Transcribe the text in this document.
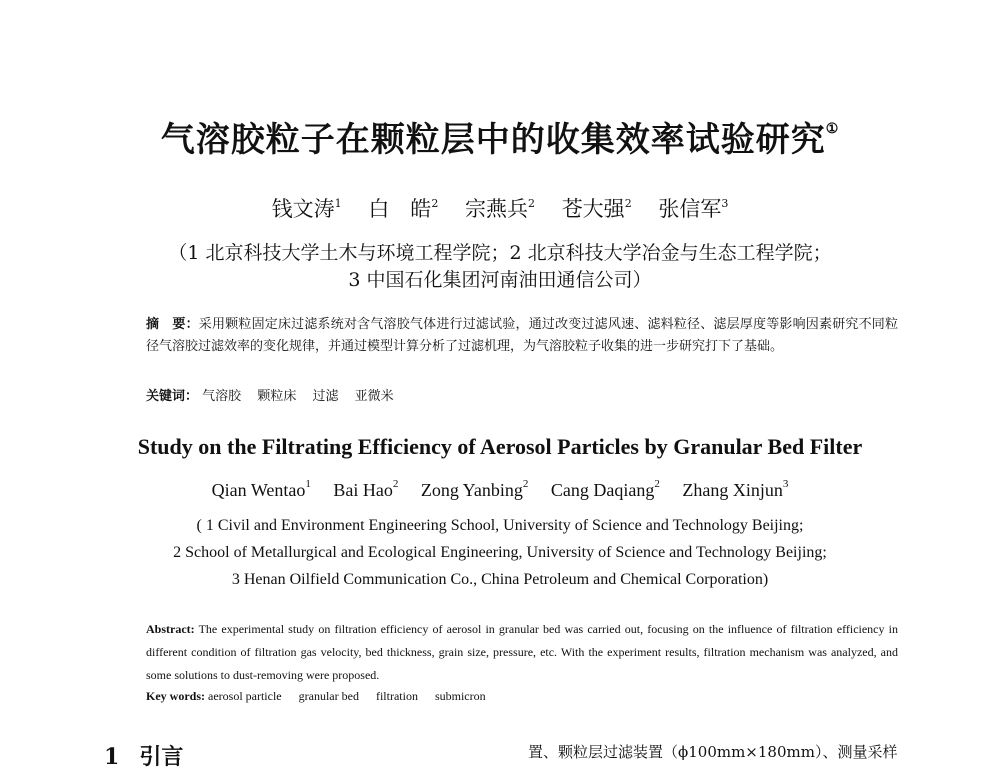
气溶胶粒子在颗粒层中的收集效率试验研究①
钱文涛$^1$ 白　皓$^2$ 宗燕兵$^2$ 苍大强$^2$ 张信军$^3$
（1 北京科技大学土木与环境工程学院；2 北京科技大学冶金与生态工程学院；
3 中国石化集团河南油田通信公司）
摘　要：采用颗粒固定床过滤系统对含气溶胶气体进行过滤试验，通过改变过滤风速、滤料粒径、滤层厚度等影响因素研究不同粒径气溶胶过滤效率的变化规律，并通过模型计算分析了过滤机理，为气溶胶粒子收集的进一步研究打下了基础。
关键词： 气溶胶 颗粒床 过滤 亚微米
Study on the Filtrating Efficiency of Aerosol Particles by Granular Bed Filter
Qian Wentao$^1$ Bai Hao$^2$ Zong Yanbing$^2$ Cang Daqiang$^2$ Zhang Xinjun$^3$
( 1 Civil and Environment Engineering School, University of Science and Technology Beijing;
2 School of Metallurgical and Ecological Engineering, University of Science and Technology Beijing;
3 Henan Oilfield Communication Co., China Petroleum and Chemical Corporation)
Abstract: The experimental study on filtration efficiency of aerosol in granular bed was carried out, focusing on the influence of filtration efficiency in different condition of filtration gas velocity, bed thickness, grain size, pressure, etc. With the experiment results, filtration mechanism was analyzed, and some solutions to dust-removing were proposed.
Key words: aerosol particle granular bed filtration submicron
1 引言	置、颗粒层过滤装置（ϕ100mm×180mm）、测量采样
